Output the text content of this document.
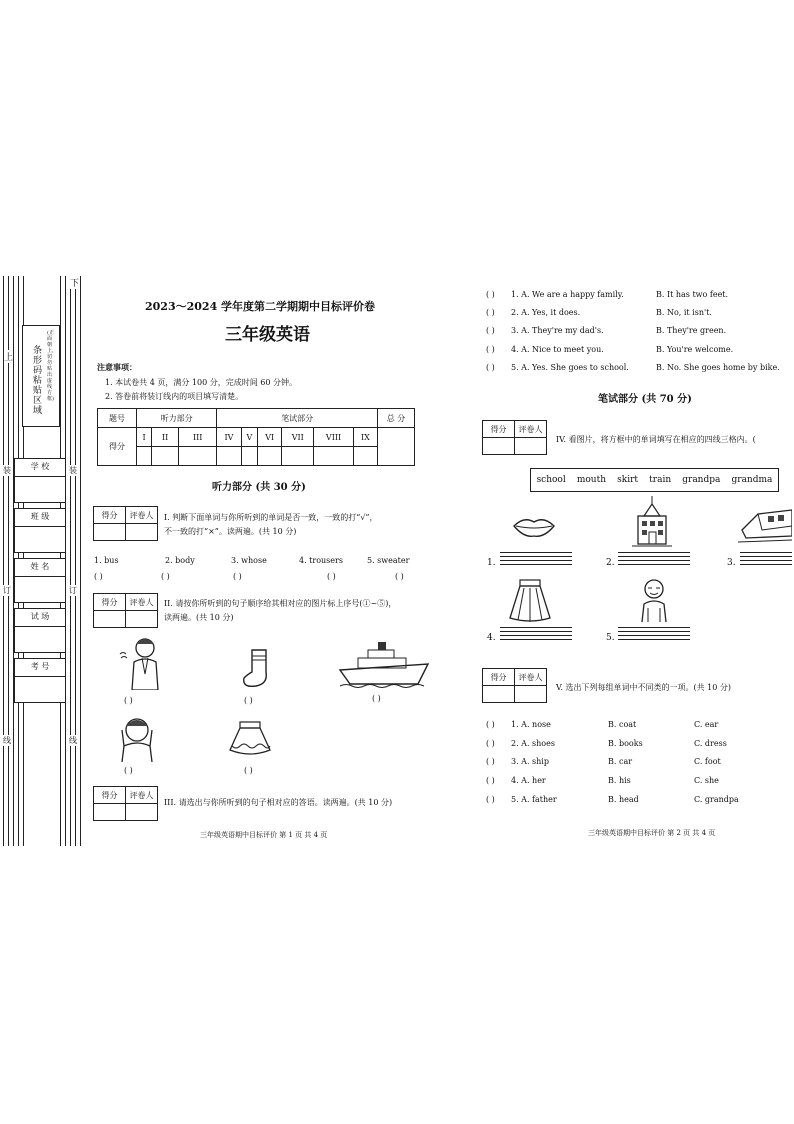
条形码粘贴区域
(正面朝上，切勿贴出虚线方框)
上
下
装	装
订	订
线	线
学 校
班 级
姓 名
试 场
考 号
2023～2024 学年度第二学期期中目标评价卷
三年级英语
注意事项：
1. 本试卷共 4 页，满分 100 分，完成时间 60 分钟。
2. 答卷前将装订线内的项目填写清楚。
题号	听力部分			笔试部分						总 分
得分	I	II	III	IV	V	VI	VII	VIII	IX	

听力部分 (共 30 分)
得分	评卷人
	I. 判断下面单词与你所听到的单词是否一致，一致的打“√”，
不一致的打“×”。读两遍。(共 10 分)
1. bus	2. body	3. whose	4. trousers	5. sweater
( )	( )	( )	( )	( )
得分	评卷人
	II. 请按你所听到的句子顺序给其相对应的图片标上序号(①~⑤)，
读两遍。(共 10 分)
( )	( )	( )
( )	( )
得分	评卷人

III. 请选出与你所听到的句子相对应的答语。读两遍。(共 10 分)
三年级英语期中目标评价 第 1 页 共 4 页
( ) 1. A. We are a happy family.	B. It has two feet.
( ) 2. A. Yes, it does.	B. No, it isn't.
( ) 3. A. They're my dad's.	B. They're green.
( ) 4. A. Nice to meet you.	B. You're welcome.
( ) 5. A. Yes. She goes to school.	B. No. She goes home by bike.
笔试部分 (共 70 分)
得分	评卷人

IV. 看图片，将方框中的单词填写在相应的四线三格内。(
school mouth skirt train grandpa grandma
1.	2.	3.
4.	5.
得分	评卷人

V. 选出下列每组单词中不同类的一项。(共 10 分)
( ) 1. A. nose	B. coat	C. ear
( ) 2. A. shoes	B. books	C. dress
( ) 3. A. ship	B. car	C. foot
( ) 4. A. her	B. his	C. she
( ) 5. A. father	B. head	C. grandpa
三年级英语期中目标评价 第 2 页 共 4 页
